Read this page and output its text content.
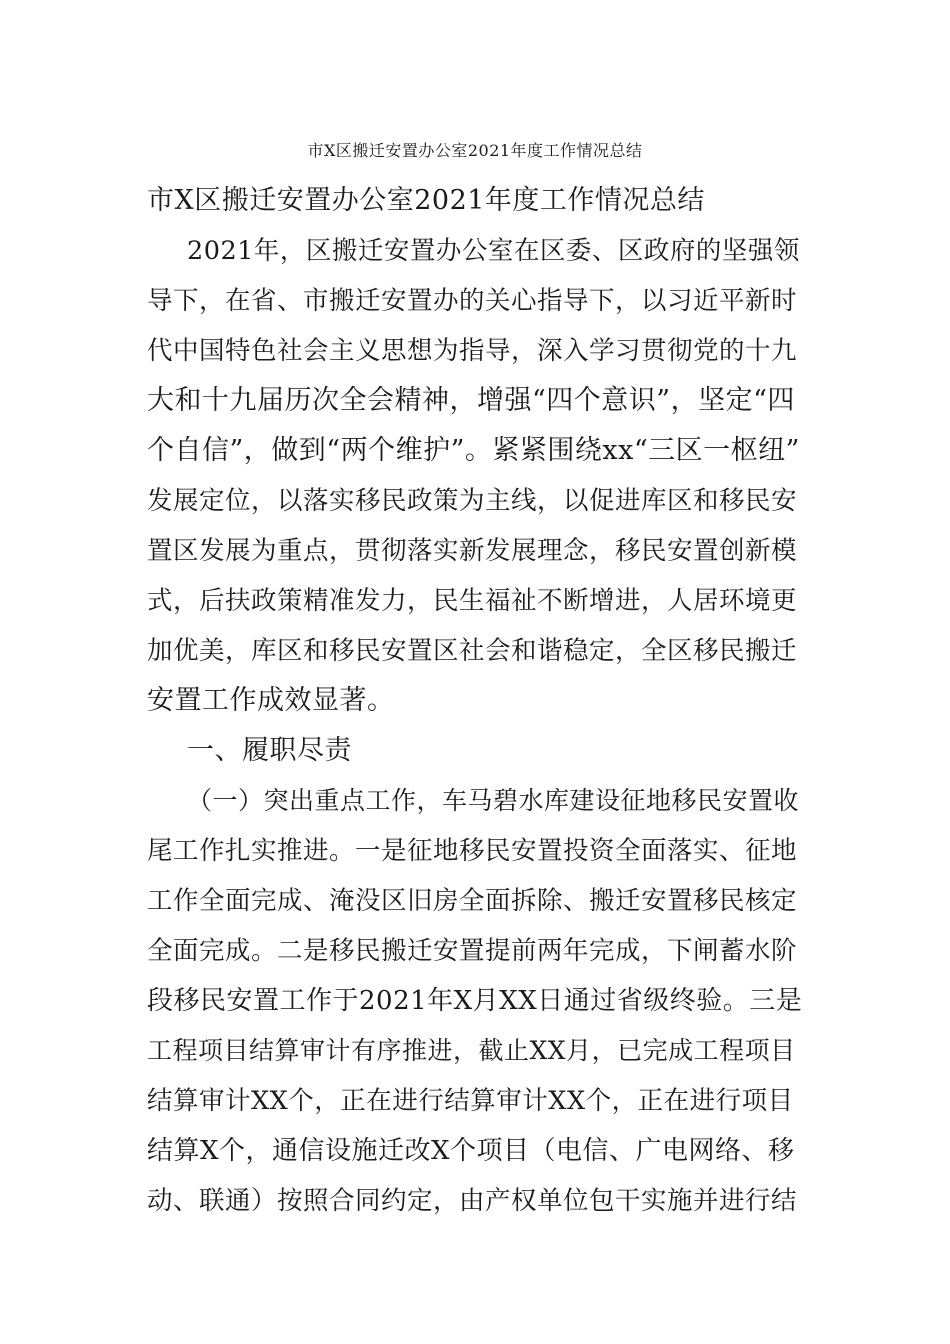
市X区搬迁安置办公室2021年度工作情况总结
市X区搬迁安置办公室2021年度工作情况总结
2021年，区搬迁安置办公室在区委、区政府的坚强领
导下，在省、市搬迁安置办的关心指导下，以习近平新时
代中国特色社会主义思想为指导，深入学习贯彻党的十九
大和十九届历次全会精神，增强“四个意识”，坚定“四
个自信”，做到“两个维护”。紧紧围绕xx“三区一枢纽”
发展定位，以落实移民政策为主线，以促进库区和移民安
置区发展为重点，贯彻落实新发展理念，移民安置创新模
式，后扶政策精准发力，民生福祉不断增进，人居环境更
加优美，库区和移民安置区社会和谐稳定，全区移民搬迁
安置工作成效显著。
一、履职尽责
（一）突出重点工作，车马碧水库建设征地移民安置收
尾工作扎实推进。一是征地移民安置投资全面落实、征地
工作全面完成、淹没区旧房全面拆除、搬迁安置移民核定
全面完成。二是移民搬迁安置提前两年完成，下闸蓄水阶
段移民安置工作于2021年X月XX日通过省级终验。三是
工程项目结算审计有序推进，截止XX月，已完成工程项目
结算审计XX个，正在进行结算审计XX个，正在进行项目
结算X个，通信设施迁改X个项目（电信、广电网络、移
动、联通）按照合同约定，由产权单位包干实施并进行结
